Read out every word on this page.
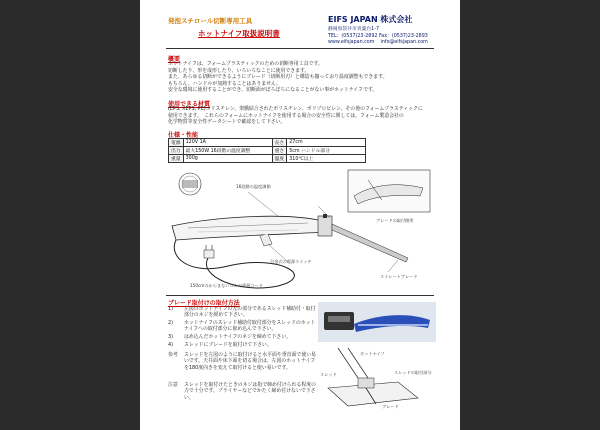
発泡スチロール切断専用工具
ホットナイフ取扱説明書
EIFS JAPAN 株式会社
静岡県袋井市青葉台1-7
TEL：(0537)23-2892 Fax：(0537)23-2893
www.eifsjapan.com info@eifsjapan.com
概要
ホットナイフは、フォームプラスティックのための切断専用工具です。
切断したり、形を成形したり、いろいろなことに使用できます。
また、あらゆる切断ができるようにブレード（切断用刃）と構造も揃っており温度調整もできます。
もちろん、ハンドルが加熱することはありません。
安全な環境に使用することができ、切断面がぼろぼろになることがない事がホットナイフです。
使用できる材質
(EPS, XEPS, PE)ポリスチレン、架橋結合されたポリスチレン、ポリプロピレン、その他のフォームプラスティックに
使用できます。　これらのフォームにホットナイフを使用する場合の安全性に関しては、フォーム製造会社の
化学物質等安全性データシートで確認をして下さい。
仕様・性能
電源	120V 1A	長さ	27cm
出力	最大150W 16段階の温度調整	重さ	5cm ハンドル部分
重量	300g	温度	310℃以上
16段階の温度調節
ブレードの取付箇所
引金式の電源スイッチ
150cmのからまないゴムの電源コード
ストレートブレード
ブレード取付けの取付方法
1) 左図のホットナイフの先の部分であるスレッド補助付・取付部分のネジを緩めて下さい。
2) ホットナイフのスレッド補助付取付部分をスレッドのホットナイフへの取付部分に嵌め込んで下さい。
3) はめ込んだホットナイフのネジを締めて下さい。
4) スレッドにブレードを取付けて下さい。
参考 スレッドを左図のように取付けると水平面や垂直面で使い易いです。天井面や床下面を切る場合は、左図のホットナイフを180度向きを変えて取付けると使い易いです。
注意 スレッドを取付けたときのネジは指で締め付けられる程度の力で十分です。プライヤーなどでかたく締め付けないで下さい。
ホットナイフ
スレッド	スレッドの取付部分
ブレード
